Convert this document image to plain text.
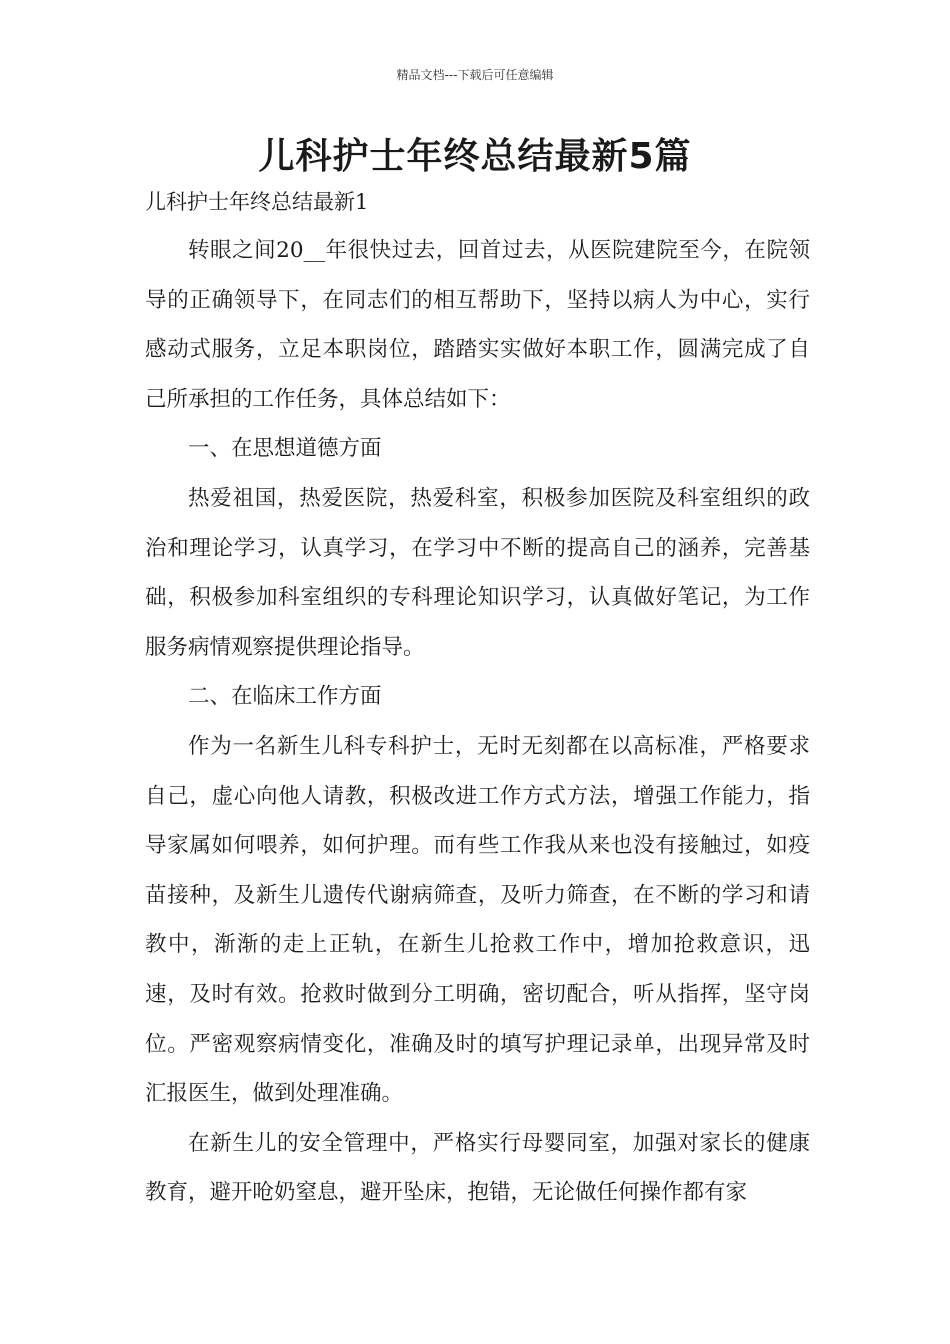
精品文档---下载后可任意编辑
儿科护士年终总结最新5篇
儿科护士年终总结最新1

转眼之间20__年很快过去，回首过去，从医院建院至今，在院领导的正确领导下，在同志们的相互帮助下，坚持以病人为中心，实行感动式服务，立足本职岗位，踏踏实实做好本职工作，圆满完成了自己所承担的工作任务，具体总结如下：

一、在思想道德方面

热爱祖国，热爱医院，热爱科室，积极参加医院及科室组织的政治和理论学习，认真学习，在学习中不断的提高自己的涵养，完善基础，积极参加科室组织的专科理论知识学习，认真做好笔记，为工作服务病情观察提供理论指导。

二、在临床工作方面

作为一名新生儿科专科护士，无时无刻都在以高标准，严格要求自己，虚心向他人请教，积极改进工作方式方法，增强工作能力，指导家属如何喂养，如何护理。而有些工作我从来也没有接触过，如疫苗接种，及新生儿遗传代谢病筛查，及听力筛查，在不断的学习和请教中，渐渐的走上正轨，在新生儿抢救工作中，增加抢救意识，迅速，及时有效。抢救时做到分工明确，密切配合，听从指挥，坚守岗位。严密观察病情变化，准确及时的填写护理记录单，出现异常及时汇报医生，做到处理准确。

在新生儿的安全管理中，严格实行母婴同室，加强对家长的健康教育，避开呛奶窒息，避开坠床，抱错，无论做任何操作都有家
